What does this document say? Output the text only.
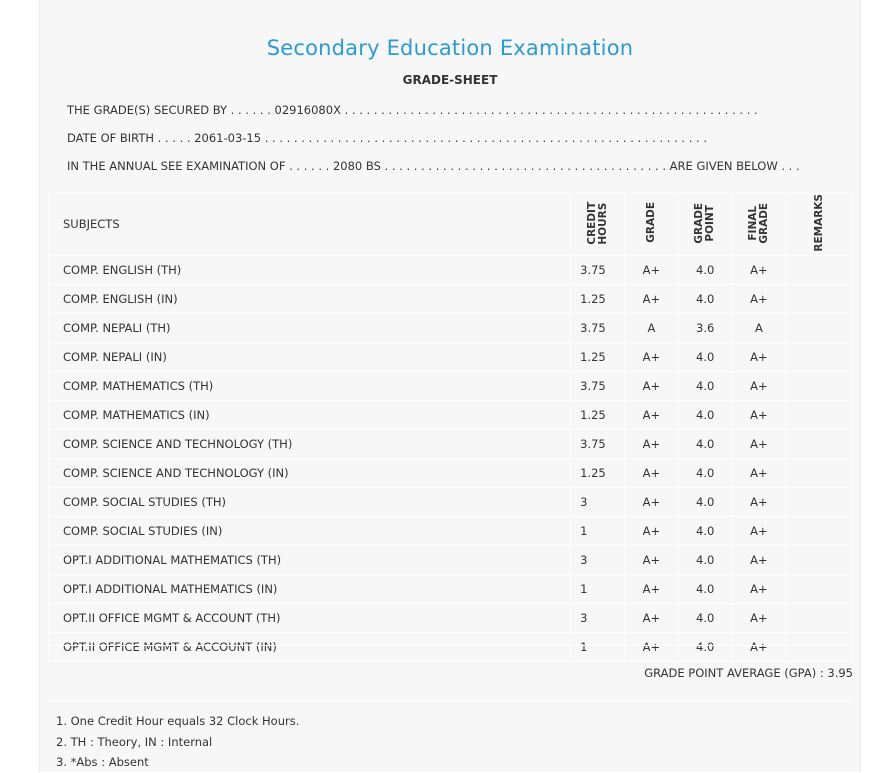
Secondary Education Examination
GRADE-SHEET
THE GRADE(S) SECURED BY . . . . . . 02916080X . . . . . . . . . . . . . . . . . . . . . . . . . . . . . . . . . . . . . . . . . . . . . . . . . . . . . . . . .
DATE OF BIRTH . . . . . 2061-03-15 . . . . . . . . . . . . . . . . . . . . . . . . . . . . . . . . . . . . . . . . . . . . . . . . . . . . . . . . . . . . .
IN THE ANNUAL SEE EXAMINATION OF . . . . . . 2080 BS . . . . . . . . . . . . . . . . . . . . . . . . . . . . . . . . . . . . . . . ARE GIVEN BELOW . . .
SUBJECTS	CREDIT HOURS	GRADE	GRADE POINT	FINAL GRADE	REMARKS
COMP. ENGLISH (TH)	3.75	A+	4.0	A+	
COMP. ENGLISH (IN)	1.25	A+	4.0	A+	
COMP. NEPALI (TH)	3.75	A	3.6	A	
COMP. NEPALI (IN)	1.25	A+	4.0	A+	
COMP. MATHEMATICS (TH)	3.75	A+	4.0	A+	
COMP. MATHEMATICS (IN)	1.25	A+	4.0	A+	
COMP. SCIENCE AND TECHNOLOGY (TH)	3.75	A+	4.0	A+	
COMP. SCIENCE AND TECHNOLOGY (IN)	1.25	A+	4.0	A+	
COMP. SOCIAL STUDIES (TH)	3	A+	4.0	A+	
COMP. SOCIAL STUDIES (IN)	1	A+	4.0	A+	
OPT.I ADDITIONAL MATHEMATICS (TH)	3	A+	4.0	A+	
OPT.I ADDITIONAL MATHEMATICS (IN)	1	A+	4.0	A+	
OPT.II OFFICE MGMT & ACCOUNT (TH)	3	A+	4.0	A+	
OPT.II OFFICE MGMT & ACCOUNT (IN)	1	A+	4.0	A+	
GRADE POINT AVERAGE (GPA) : 3.95
1. One Credit Hour equals 32 Clock Hours.
2. TH : Theory, IN : Internal
3. *Abs : Absent
